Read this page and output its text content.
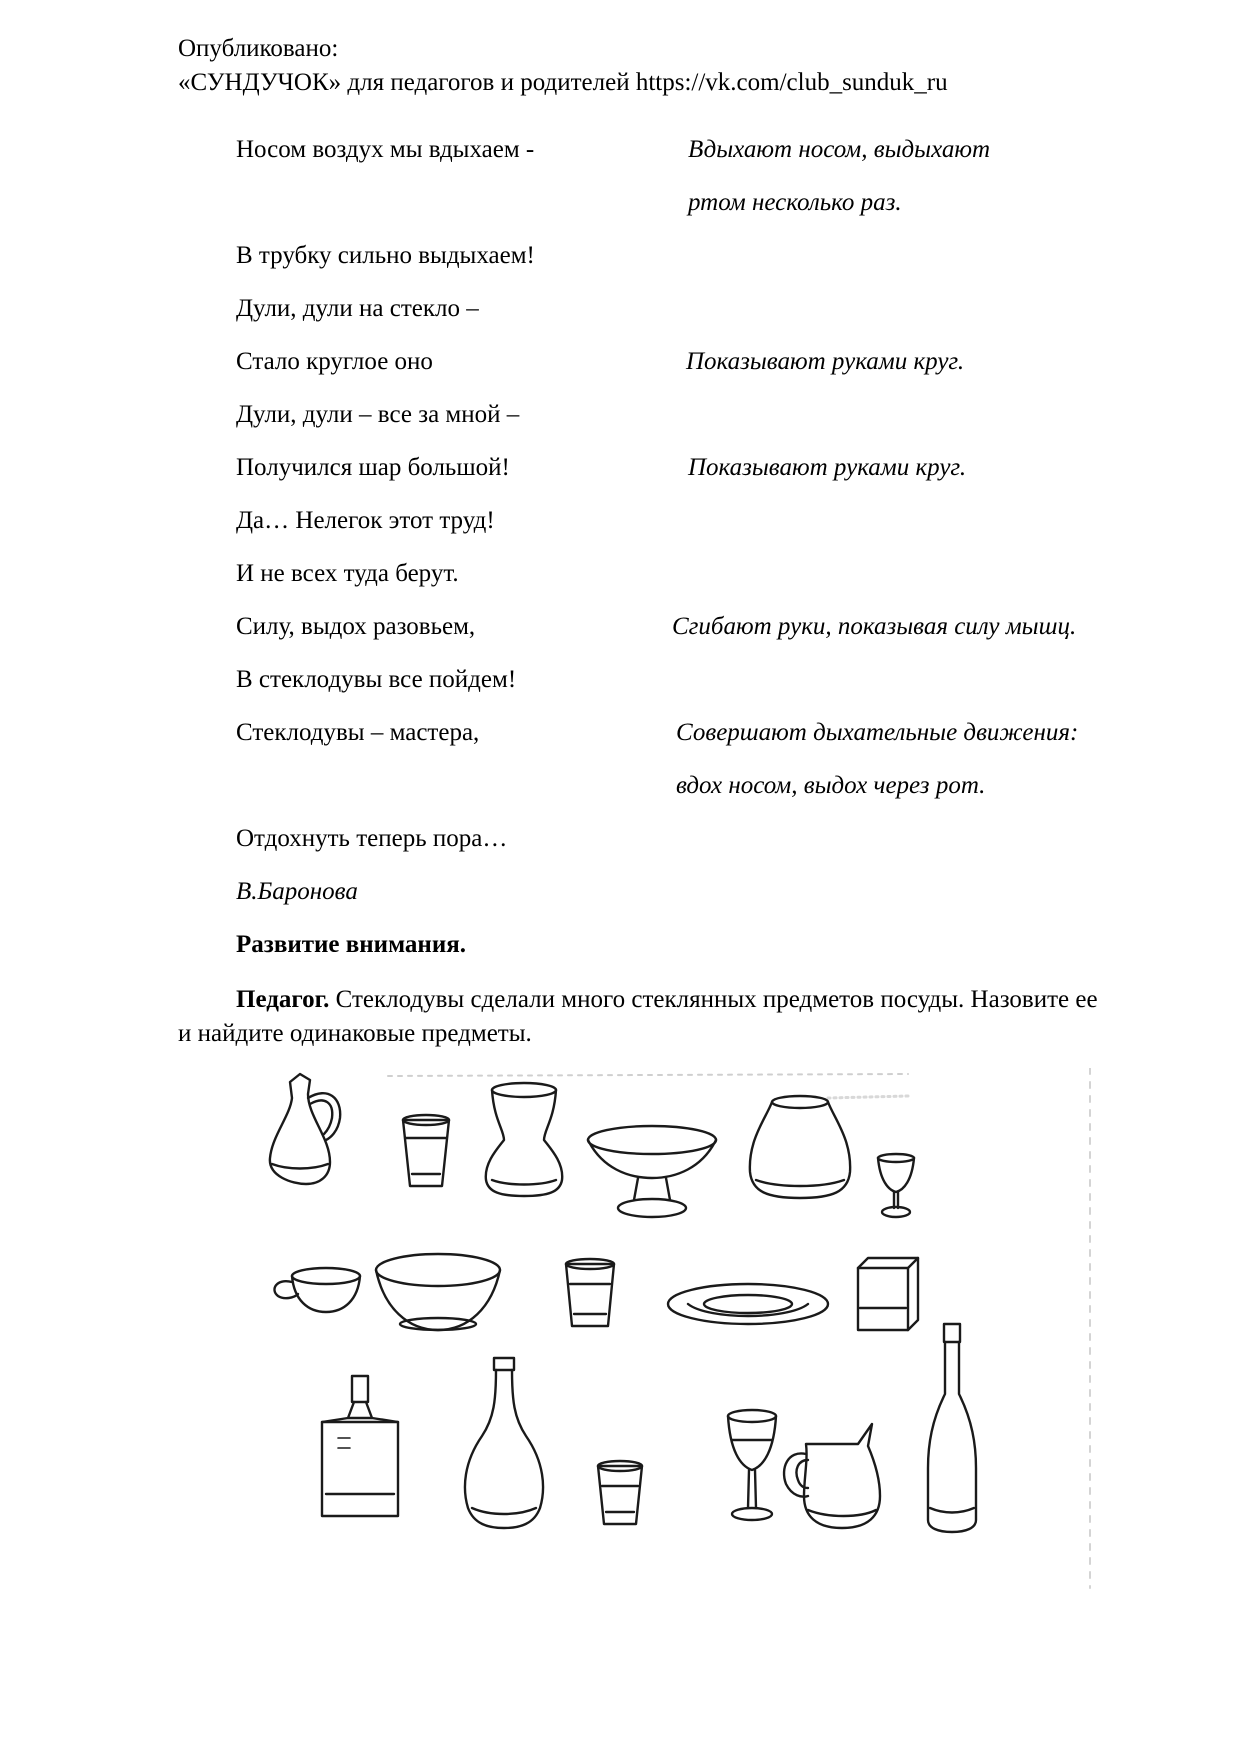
Опубликовано:
«СУНДУЧОК» для педагогов и родителей https://vk.com/club_sunduk_ru
Носом воздух мы вдыхаем -	Вдыхают носом, выдыхают
ртом несколько раз.
В трубку сильно выдыхаем!
Дули, дули на стекло –
Стало круглое оно	Показывают руками круг.
Дули, дули – все за мной –
Получился шар большой!	Показывают руками круг.
Да… Нелегок этот труд!
И не всех туда берут.
Силу, выдох разовьем,	Сгибают руки, показывая силу мышц.
В стеклодувы все пойдем!
Стеклодувы – мастера,	Совершают дыхательные движения:
вдох носом, выдох через рот.
Отдохнуть теперь пора…
В.Баронова
Развитие внимания.
Педагог. Стеклодувы сделали много стеклянных предметов посуды. Назовите ее и найдите одинаковые предметы.
